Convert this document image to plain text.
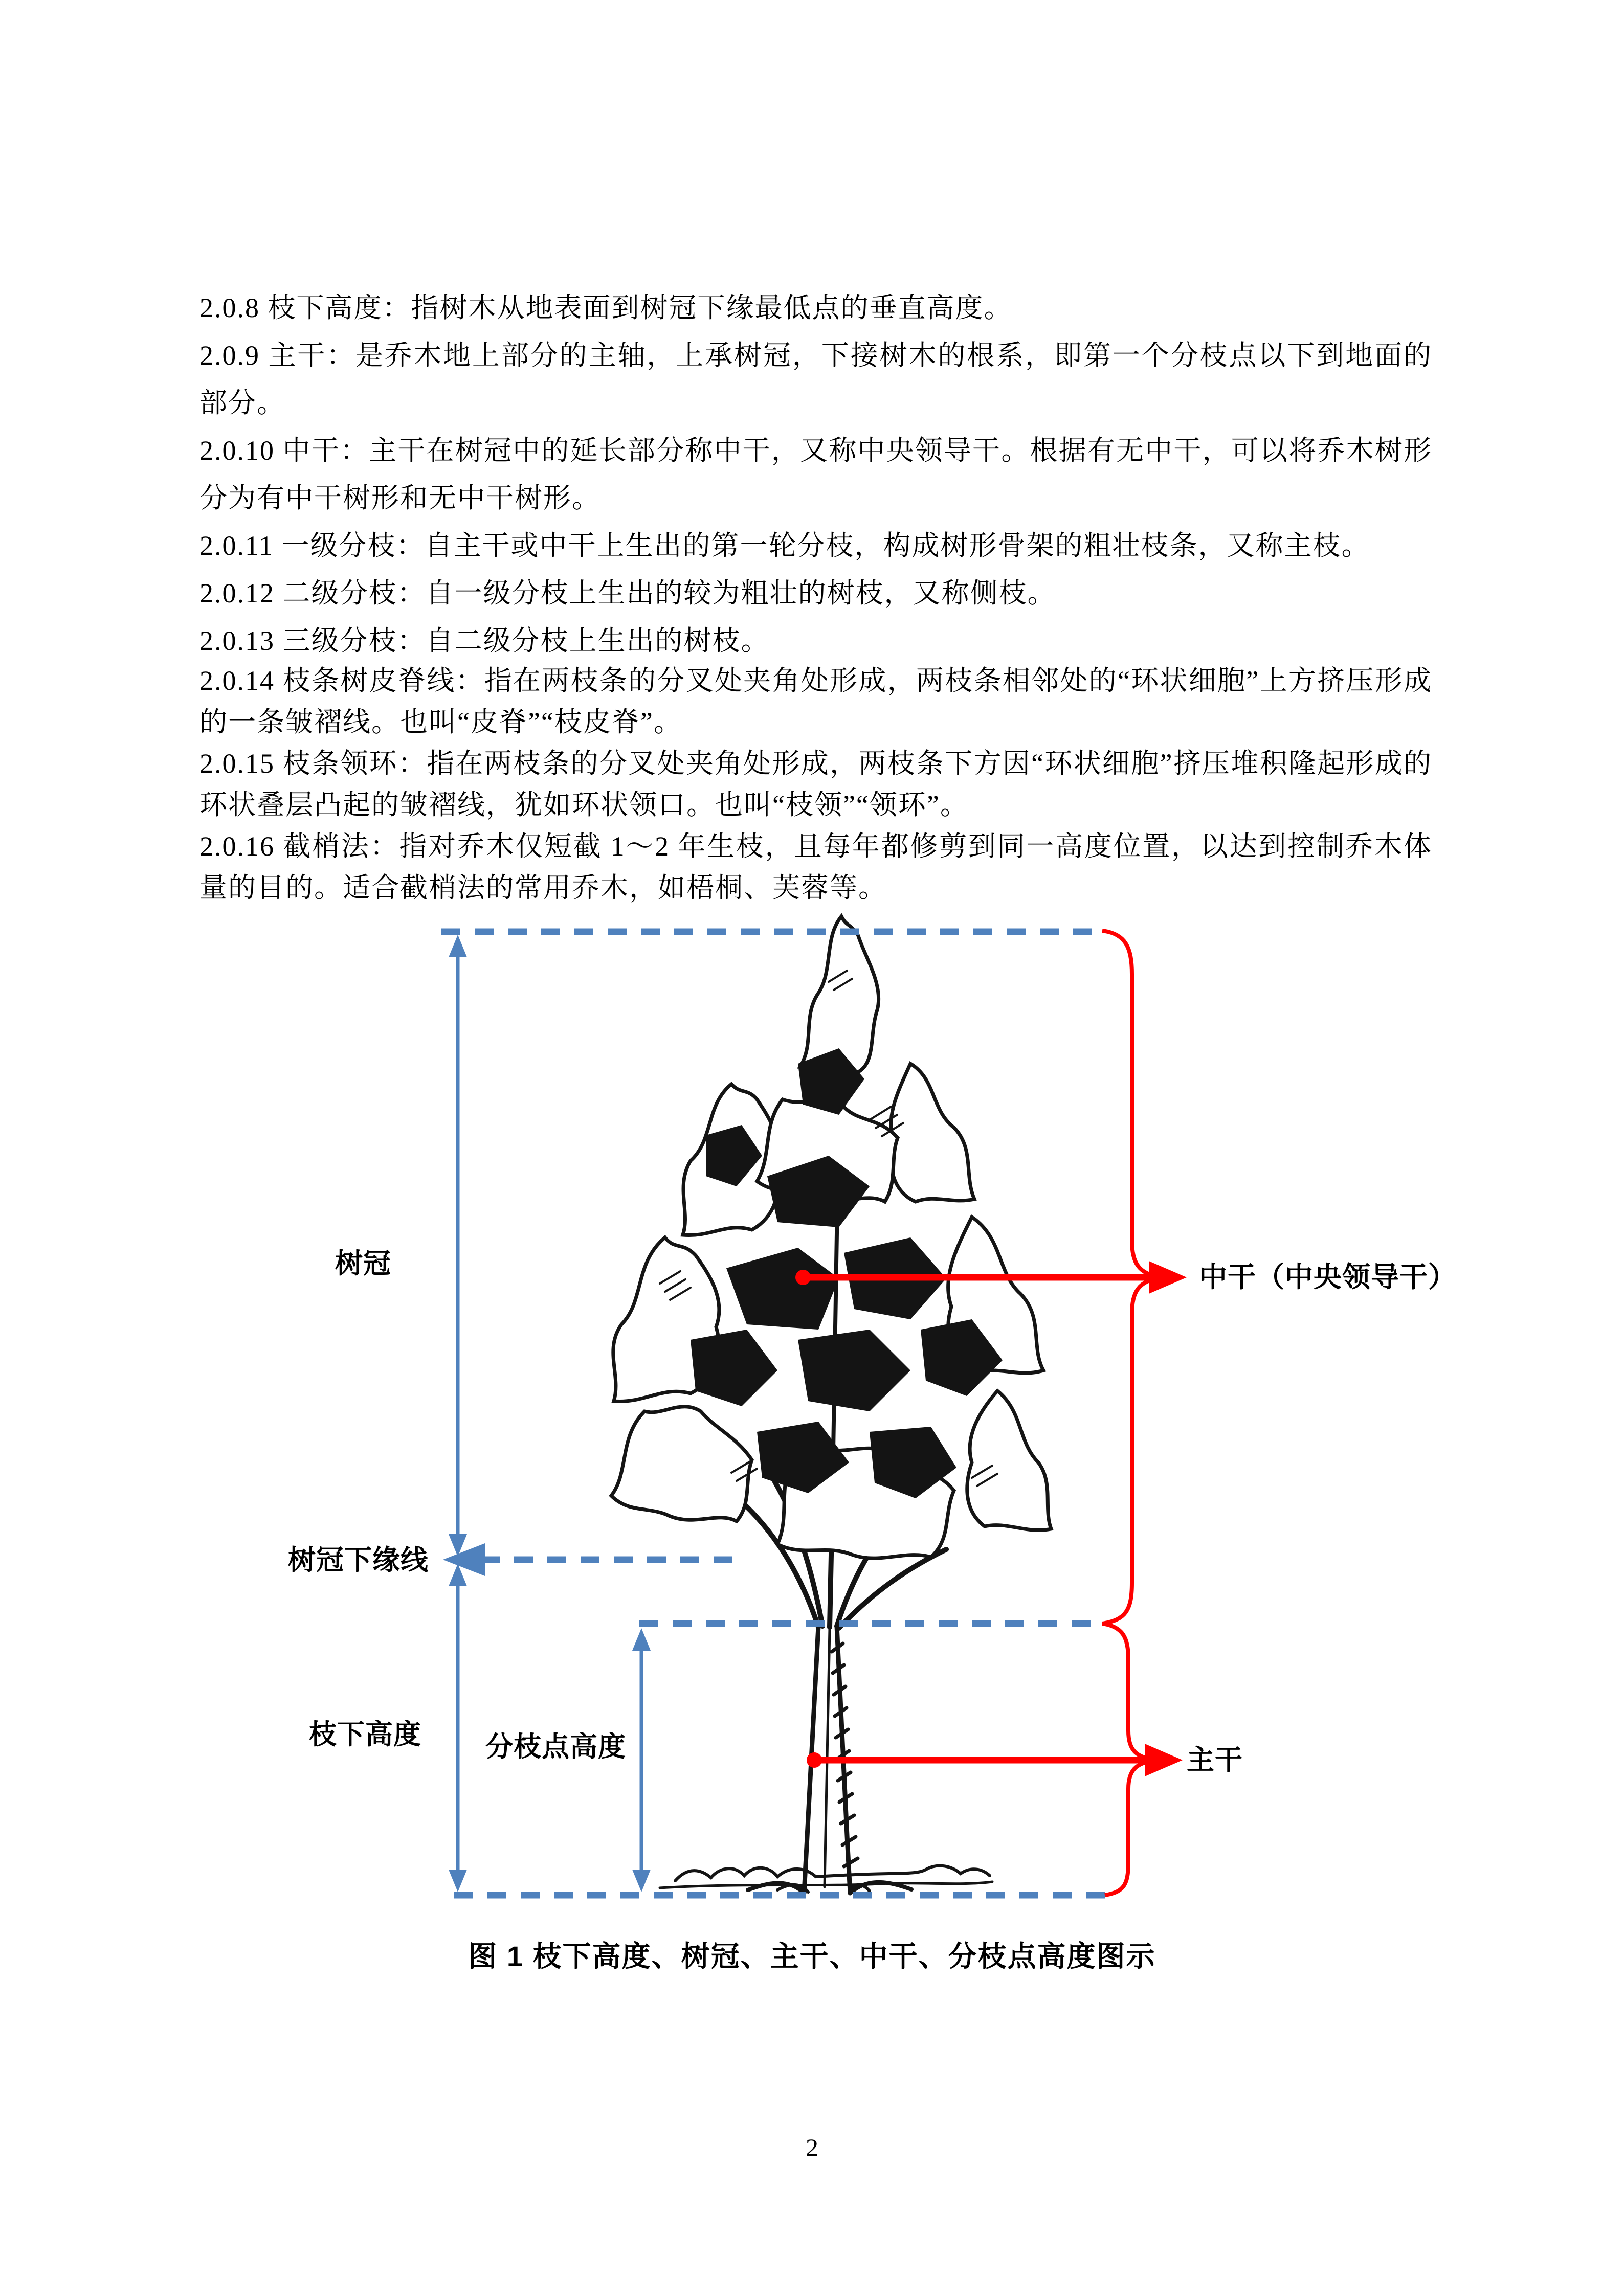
2.0.8 枝下高度：指树木从地表面到树冠下缘最低点的垂直高度。
2.0.9 主干：是乔木地上部分的主轴，上承树冠，下接树木的根系，即第一个分枝点以下到地面的
部分。
2.0.10 中干：主干在树冠中的延长部分称中干，又称中央领导干。根据有无中干，可以将乔木树形
分为有中干树形和无中干树形。
2.0.11 一级分枝：自主干或中干上生出的第一轮分枝，构成树形骨架的粗壮枝条，又称主枝。
2.0.12 二级分枝：自一级分枝上生出的较为粗壮的树枝，又称侧枝。
2.0.13 三级分枝：自二级分枝上生出的树枝。
2.0.14 枝条树皮脊线：指在两枝条的分叉处夹角处形成，两枝条相邻处的“环状细胞”上方挤压形成
的一条皱褶线。也叫“皮脊”“枝皮脊”。
2.0.15 枝条领环：指在两枝条的分叉处夹角处形成，两枝条下方因“环状细胞”挤压堆积隆起形成的
环状叠层凸起的皱褶线，犹如环状领口。也叫“枝领”“领环”。
2.0.16 截梢法：指对乔木仅短截 1～2 年生枝，且每年都修剪到同一高度位置，以达到控制乔木体
量的目的。适合截梢法的常用乔木，如梧桐、芙蓉等。
树冠
树冠下缘线
枝下高度 分枝点高度
中干（中央领导干）
主干
图 1 枝下高度、树冠、主干、中干、分枝点高度图示
2
